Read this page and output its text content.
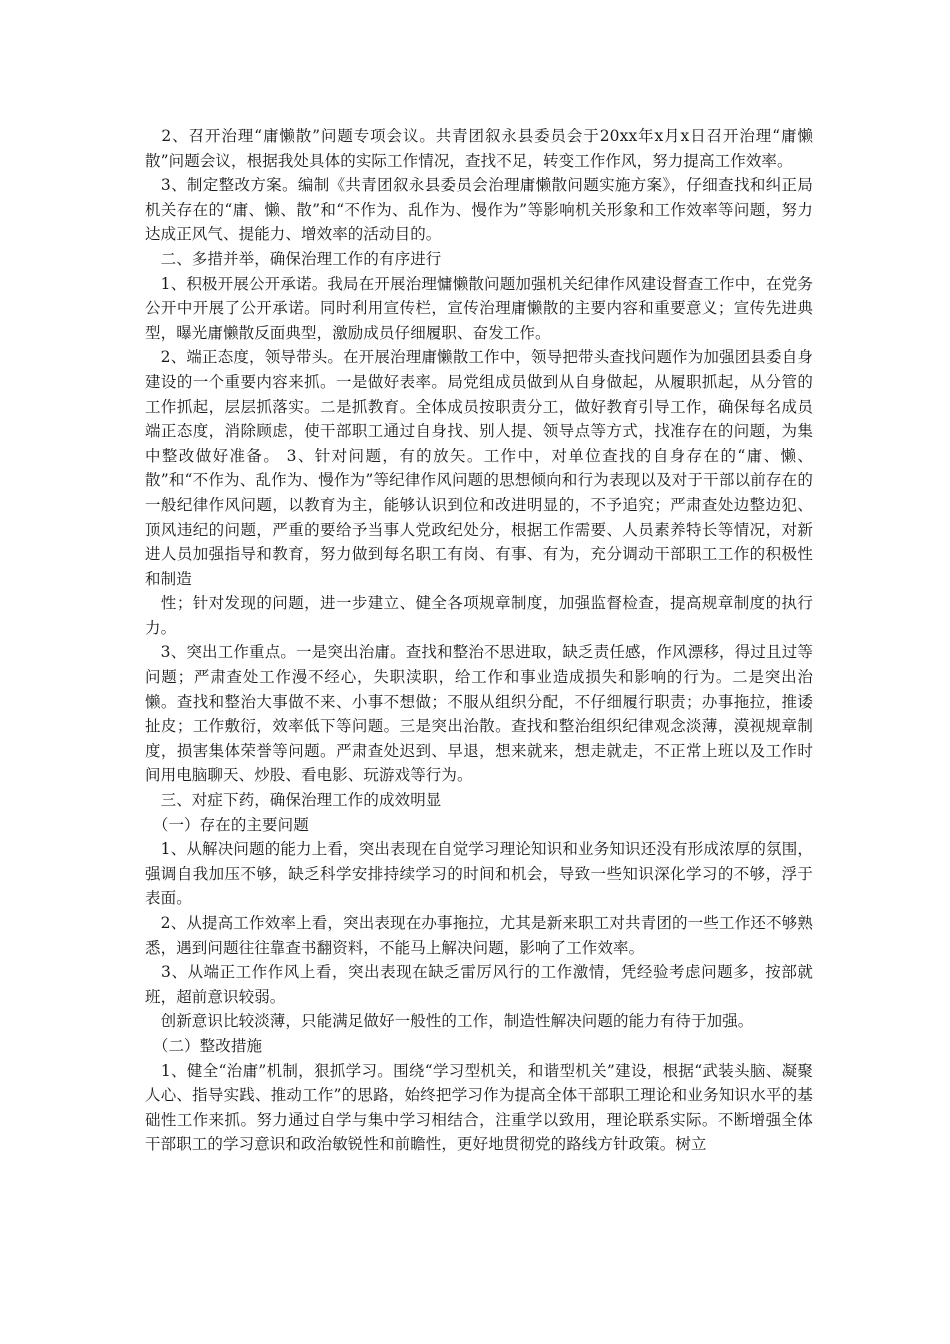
　2、召开治理“庸懒散”问题专项会议。共青团叙永县委员会于20xx年x月x日召开治理“庸懒散”问题会议，根据我处具体的实际工作情况，查找不足，转变工作作风，努力提高工作效率。

　3、制定整改方案。编制《共青团叙永县委员会治理庸懒散问题实施方案》，仔细查找和纠正局机关存在的“庸、懒、散”和“不作为、乱作为、慢作为”等影响机关形象和工作效率等问题，努力达成正风气、提能力、增效率的活动目的。

　二、多措并举，确保治理工作的有序进行

　1、积极开展公开承诺。我局在开展治理慵懒散问题加强机关纪律作风建设督查工作中，在党务公开中开展了公开承诺。同时利用宣传栏，宣传治理庸懒散的主要内容和重要意义；宣传先进典型，曝光庸懒散反面典型，激励成员仔细履职、奋发工作。

　2、端正态度，领导带头。在开展治理庸懒散工作中，领导把带头查找问题作为加强团县委自身建设的一个重要内容来抓。一是做好表率。局党组成员做到从自身做起，从履职抓起，从分管的工作抓起，层层抓落实。二是抓教育。全体成员按职责分工，做好教育引导工作，确保每名成员端正态度，消除顾虑，使干部职工通过自身找、别人提、领导点等方式，找准存在的问题，为集中整改做好准备。 3、针对问题，有的放矢。工作中，对单位查找的自身存在的“庸、懒、散”和“不作为、乱作为、慢作为”等纪律作风问题的思想倾向和行为表现以及对于干部以前存在的一般纪律作风问题，以教育为主，能够认识到位和改进明显的，不予追究；严肃查处边整边犯、顶风违纪的问题，严重的要给予当事人党政纪处分，根据工作需要、人员素养特长等情况，对新进人员加强指导和教育，努力做到每名职工有岗、有事、有为，充分调动干部职工工作的积极性和制造

　性；针对发现的问题，进一步建立、健全各项规章制度，加强监督检查，提高规章制度的执行力。

　3、突出工作重点。一是突出治庸。查找和整治不思进取，缺乏责任感，作风漂移，得过且过等问题；严肃查处工作漫不经心，失职渎职，给工作和事业造成损失和影响的行为。二是突出治懒。查找和整治大事做不来、小事不想做；不服从组织分配，不仔细履行职责；办事拖拉，推诿扯皮；工作敷衍，效率低下等问题。三是突出治散。查找和整治组织纪律观念淡薄，漠视规章制度，损害集体荣誉等问题。严肃查处迟到、早退，想来就来，想走就走，不正常上班以及工作时间用电脑聊天、炒股、看电影、玩游戏等行为。

　三、对症下药，确保治理工作的成效明显

　（一）存在的主要问题

　1、从解决问题的能力上看，突出表现在自觉学习理论知识和业务知识还没有形成浓厚的氛围，强调自我加压不够，缺乏科学安排持续学习的时间和机会，导致一些知识深化学习的不够，浮于表面。

　2、从提高工作效率上看，突出表现在办事拖拉，尤其是新来职工对共青团的一些工作还不够熟悉，遇到问题往往靠查书翻资料，不能马上解决问题，影响了工作效率。

　3、从端正工作作风上看，突出表现在缺乏雷厉风行的工作激情，凭经验考虑问题多，按部就班，超前意识较弱。

　创新意识比较淡薄，只能满足做好一般性的工作，制造性解决问题的能力有待于加强。

　（二）整改措施

　1、健全“治庸”机制，狠抓学习。围绕“学习型机关，和谐型机关”建设，根据“武装头脑、凝聚人心、指导实践、推动工作”的思路，始终把学习作为提高全体干部职工理论和业务知识水平的基础性工作来抓。努力通过自学与集中学习相结合，注重学以致用，理论联系实际。不断增强全体干部职工的学习意识和政治敏锐性和前瞻性，更好地贯彻党的路线方针政策。树立
